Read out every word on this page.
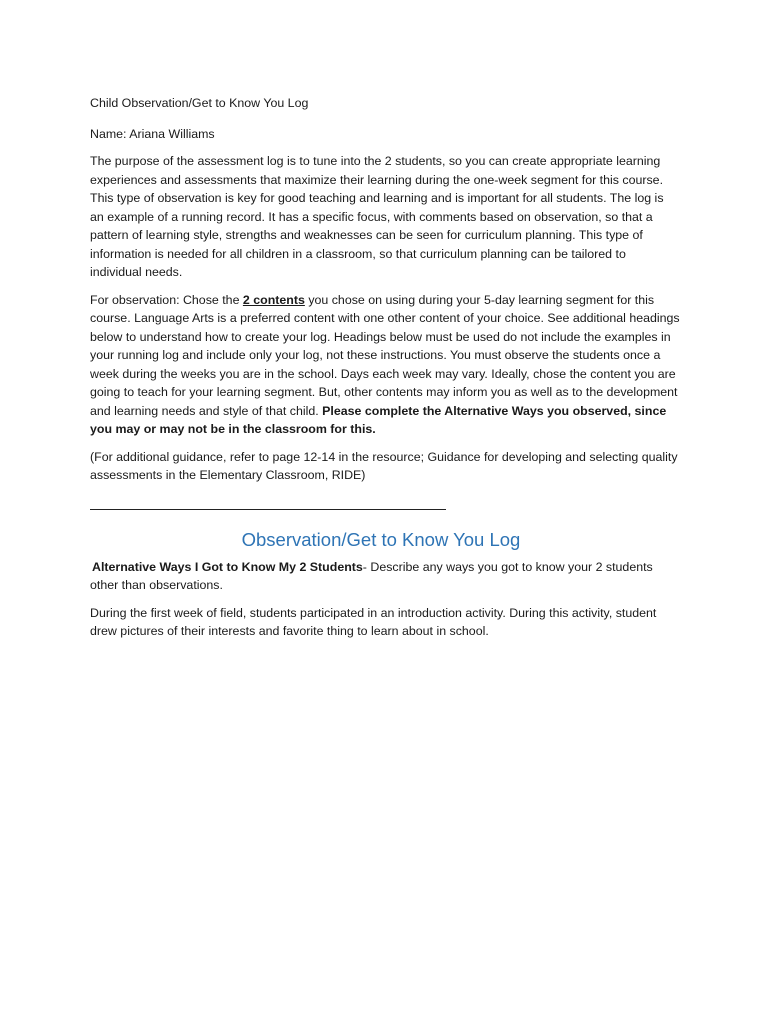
Child Observation/Get to Know You Log

Name: Ariana Williams

The purpose of the assessment log is to tune into the 2 students, so you can create appropriate learning experiences and assessments that maximize their learning during the one-week segment for this course. This type of observation is key for good teaching and learning and is important for all students. The log is an example of a running record. It has a specific focus, with comments based on observation, so that a pattern of learning style, strengths and weaknesses can be seen for curriculum planning. This type of information is needed for all children in a classroom, so that curriculum planning can be tailored to individual needs.

For observation: Chose the 2 contents you chose on using during your 5-day learning segment for this course. Language Arts is a preferred content with one other content of your choice. See additional headings below to understand how to create your log. Headings below must be used do not include the examples in your running log and include only your log, not these instructions. You must observe the students once a week during the weeks you are in the school. Days each week may vary. Ideally, chose the content you are going to teach for your learning segment. But, other contents may inform you as well as to the development and learning needs and style of that child. Please complete the Alternative Ways you observed, since you may or may not be in the classroom for this.

(For additional guidance, refer to page 12-14 in the resource; Guidance for developing and selecting quality assessments in the Elementary Classroom, RIDE)

Observation/Get to Know You Log

Alternative Ways I Got to Know My 2 Students- Describe any ways you got to know your 2 students other than observations.

During the first week of field, students participated in an introduction activity. During this activity, student drew pictures of their interests and favorite thing to learn about in school.
